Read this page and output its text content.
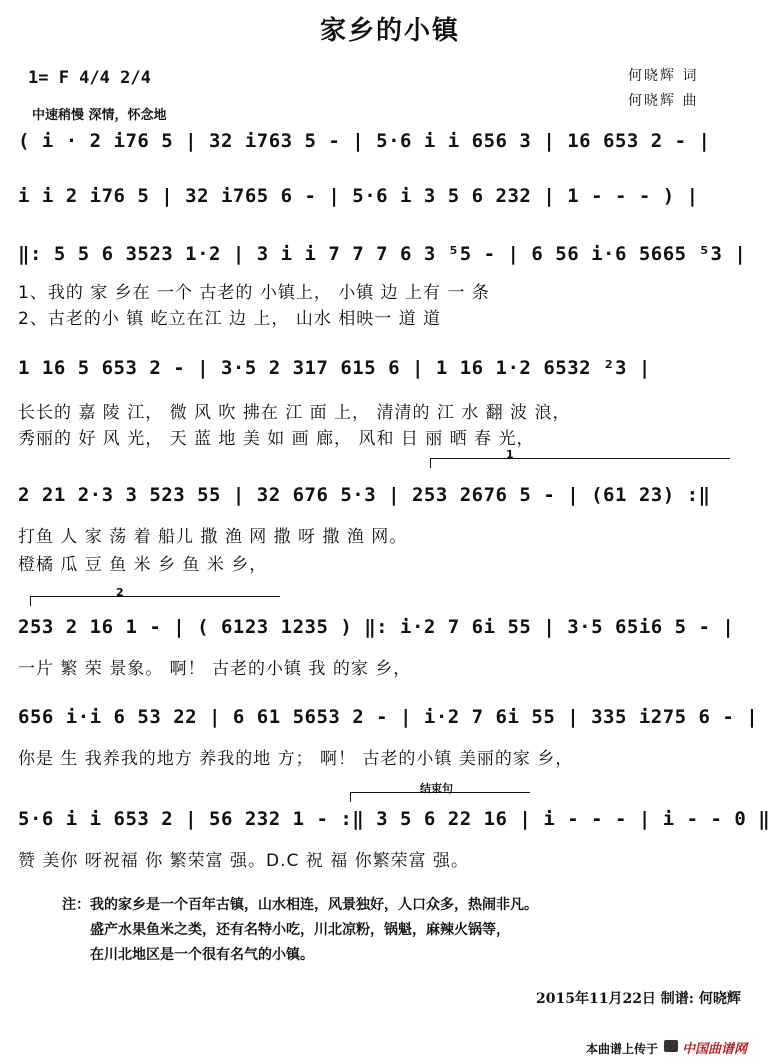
家乡的小镇
1= F 4/4 2/4
中速稍慢 深情，怀念地
何晓辉 词
何晓辉 曲
( i · 2 i76 5 | 32 i763 5 - | 5·6 i i 656 3 | 16 653 2 - |
i i 2 i76 5 | 32 i765 6 - | 5·6 i 3 5 6 232 | 1 - - - ) |
‖: 5 5 6 3523 1·2 | 3 i i 7 7 7 6 3 ⁵5 - | 6 56 i·6 5665 ⁵3 |
1、我的 家 乡在 一个 古老的 小镇上， 小镇 边 上有 一 条
2、古老的小 镇 屹立在江 边 上， 山水 相映一 道 道
1 16 5 653 2 - | 3·5 2 317 615 6 | 1 16 1·2 6532 ²3 |
长长的 嘉 陵 江， 微 风 吹 拂在 江 面 上， 清清的 江 水 翻 波 浪，
秀丽的 好 风 光， 天 蓝 地 美 如 画 廊， 风和 日 丽 晒 春 光，
1
2 21 2·3 3 523 55 | 32 676 5·3 | 253 2676 5 - | (61 23) :‖
打鱼 人 家 荡 着 船儿 撒 渔 网 撒 呀 撒 渔 网。
橙橘 瓜 豆 鱼 米 乡 鱼 米 乡，
2
253 2 16 1 - | ( 6123 1235 ) ‖: i·2 7 6i 55 | 3·5 65i6 5 - |
一片 繁 荣 景象。 啊！ 古老的小镇 我 的家 乡，
656 i·i 6 53 22 | 6 61 5653 2 - | i·2 7 6i 55 | 335 i275 6 - |
你是 生 我养我的地方 养我的地 方； 啊！ 古老的小镇 美丽的家 乡，
结束句
5·6 i i 653 2 | 56 232 1 - :‖ 3 5 6 22 16 | i - - - | i - - 0 ‖
赞 美你 呀祝福 你 繁荣富 强。D.C 祝 福 你繁荣富 强。
注：我的家乡是一个百年古镇，山水相连，风景独好，人口众多，热闹非凡。
盛产水果鱼米之类，还有名特小吃，川北凉粉，锅魁，麻辣火锅等，
在川北地区是一个很有名气的小镇。
2015年11月22日 制谱: 何晓辉
本曲谱上传于 中国曲谱网
